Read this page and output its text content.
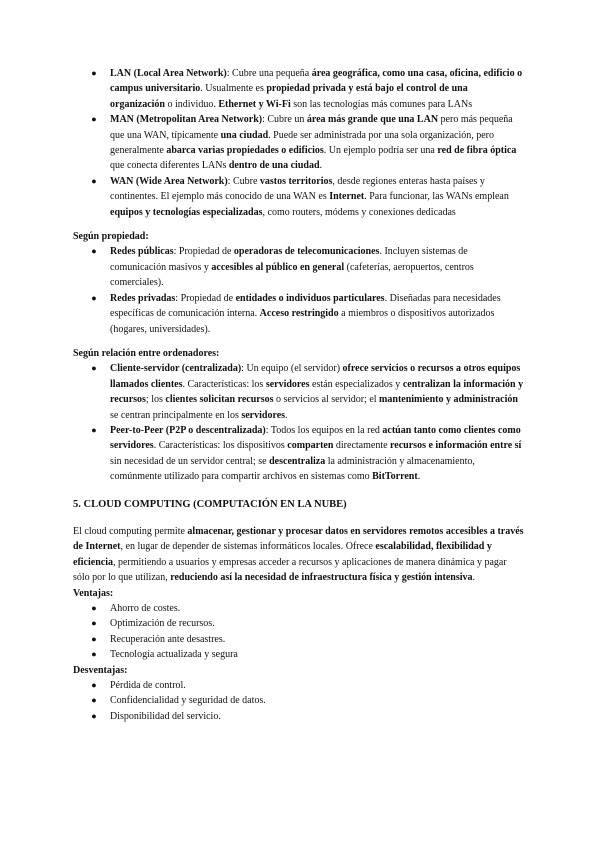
● LAN (Local Area Network): Cubre una pequeña área geográfica, como una casa, oficina, edificio o campus universitario. Usualmente es propiedad privada y está bajo el control de una organización o individuo. Ethernet y Wi-Fi son las tecnologías más comunes para LANs
● MAN (Metropolitan Area Network): Cubre un área más grande que una LAN pero más pequeña que una WAN, típicamente una ciudad. Puede ser administrada por una sola organización, pero generalmente abarca varias propiedades o edificios. Un ejemplo podría ser una red de fibra óptica que conecta diferentes LANs dentro de una ciudad.
● WAN (Wide Area Network): Cubre vastos territorios, desde regiones enteras hasta países y continentes. El ejemplo más conocido de una WAN es Internet. Para funcionar, las WANs emplean equipos y tecnologías especializadas, como routers, módems y conexiones dedicadas

Según propiedad:

● Redes públicas: Propiedad de operadoras de telecomunicaciones. Incluyen sistemas de comunicación masivos y accesibles al público en general (cafeterías, aeropuertos, centros comerciales).
● Redes privadas: Propiedad de entidades o individuos particulares. Diseñadas para necesidades específicas de comunicación interna. Acceso restringido a miembros o dispositivos autorizados (hogares, universidades).

Según relación entre ordenadores:

● Cliente-servidor (centralizada): Un equipo (el servidor) ofrece servicios o recursos a otros equipos llamados clientes. Características: los servidores están especializados y centralizan la información y recursos; los clientes solicitan recursos o servicios al servidor; el mantenimiento y administración se centran principalmente en los servidores.
● Peer-to-Peer (P2P o descentralizada): Todos los equipos en la red actúan tanto como clientes como servidores. Características: los dispositivos comparten directamente recursos e información entre sí sin necesidad de un servidor central; se descentraliza la administración y almacenamiento, comúnmente utilizado para compartir archivos en sistemas como BitTorrent.

5. CLOUD COMPUTING (COMPUTACIÓN EN LA NUBE)

El cloud computing permite almacenar, gestionar y procesar datos en servidores remotos accesibles a través de Internet, en lugar de depender de sistemas informáticos locales. Ofrece escalabilidad, flexibilidad y eficiencia, permitiendo a usuarios y empresas acceder a recursos y aplicaciones de manera dinámica y pagar sólo por lo que utilizan, reduciendo así la necesidad de infraestructura física y gestión intensiva.

Ventajas:

● Ahorro de costes.
● Optimización de recursos.
● Recuperación ante desastres.
● Tecnología actualizada y segura

Desventajas:

● Pérdida de control.
● Confidencialidad y seguridad de datos.
● Disponibilidad del servicio.
